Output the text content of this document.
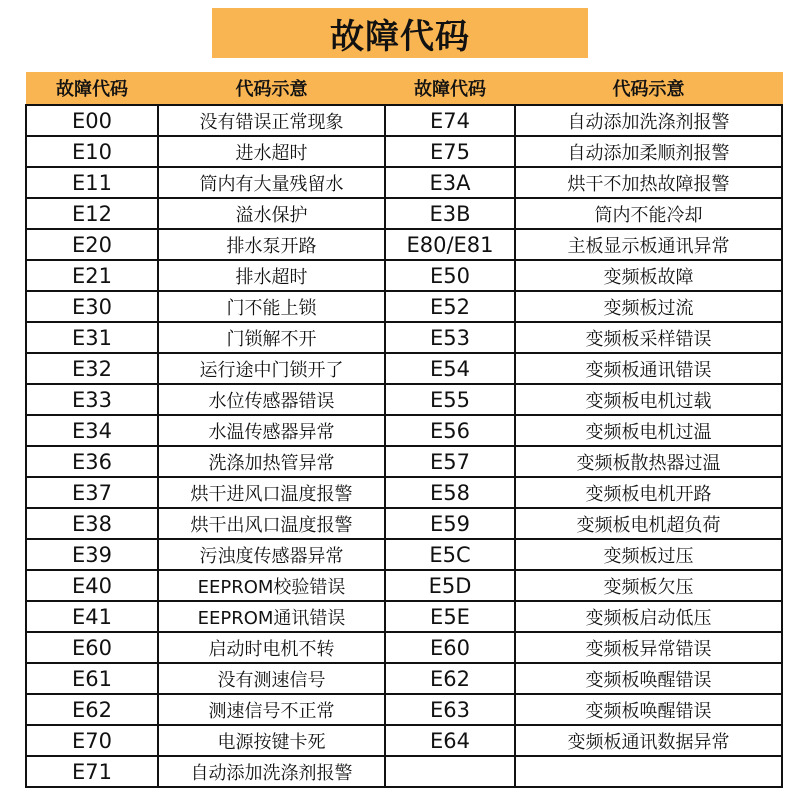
故障代码
故障代码	代码示意	故障代码	代码示意
E00	没有错误正常现象	E74	自动添加洗涤剂报警
E10	进水超时	E75	自动添加柔顺剂报警
E11	筒内有大量残留水	E3A	烘干不加热故障报警
E12	溢水保护	E3B	筒内不能冷却
E20	排水泵开路	E80/E81	主板显示板通讯异常
E21	排水超时	E50	变频板故障
E30	门不能上锁	E52	变频板过流
E31	门锁解不开	E53	变频板采样错误
E32	运行途中门锁开了	E54	变频板通讯错误
E33	水位传感器错误	E55	变频板电机过载
E34	水温传感器异常	E56	变频板电机过温
E36	洗涤加热管异常	E57	变频板散热器过温
E37	烘干进风口温度报警	E58	变频板电机开路
E38	烘干出风口温度报警	E59	变频板电机超负荷
E39	污浊度传感器异常	E5C	变频板过压
E40	EEPROM校验错误	E5D	变频板欠压
E41	EEPROM通讯错误	E5E	变频板启动低压
E60	启动时电机不转	E60	变频板异常错误
E61	没有测速信号	E62	变频板唤醒错误
E62	测速信号不正常	E63	变频板唤醒错误
E70	电源按键卡死	E64	变频板通讯数据异常
E71	自动添加洗涤剂报警		
